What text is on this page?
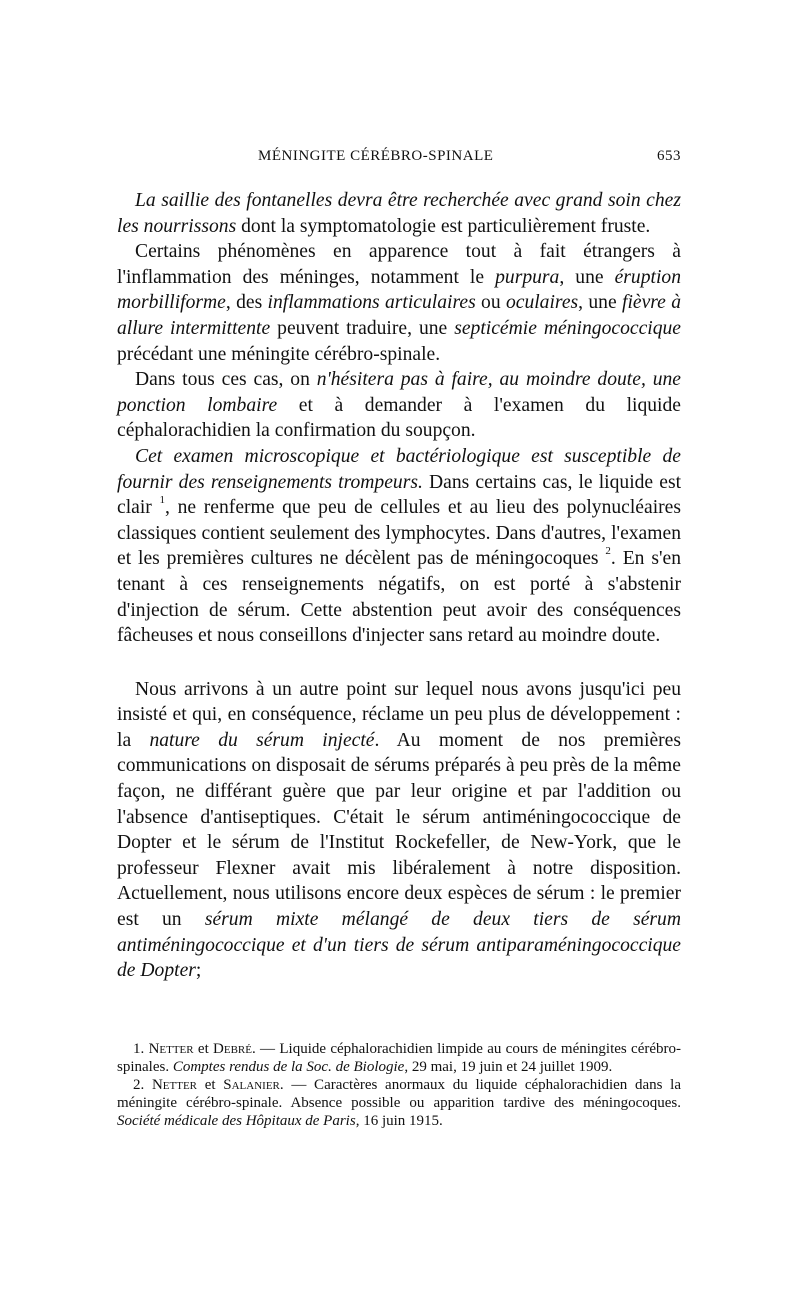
MÉNINGITE CÉRÉBRO-SPINALE	653

La saillie des fontanelles devra être recherchée avec grand soin chez les nourrissons dont la symptomatologie est particulièrement fruste.

Certains phénomènes en apparence tout à fait étrangers à l'inflammation des méninges, notamment le purpura, une éruption morbilliforme, des inflammations articulaires ou oculaires, une fièvre à allure intermittente peuvent traduire, une septicémie méningococcique précédant une méningite cérébro-spinale.

Dans tous ces cas, on n'hésitera pas à faire, au moindre doute, une ponction lombaire et à demander à l'examen du liquide céphalorachidien la confirmation du soupçon.

Cet examen microscopique et bactériologique est susceptible de fournir des renseignements trompeurs. Dans certains cas, le liquide est clair $^1$, ne renferme que peu de cellules et au lieu des polynucléaires classiques contient seulement des lymphocytes. Dans d'autres, l'examen et les premières cultures ne décèlent pas de méningocoques $^2$. En s'en tenant à ces renseignements négatifs, on est porté à s'abstenir d'injection de sérum. Cette abstention peut avoir des conséquences fâcheuses et nous conseillons d'injecter sans retard au moindre doute.

Nous arrivons à un autre point sur lequel nous avons jusqu'ici peu insisté et qui, en conséquence, réclame un peu plus de développement : la nature du sérum injecté. Au moment de nos premières communications on disposait de sérums préparés à peu près de la même façon, ne différant guère que par leur origine et par l'addition ou l'absence d'antiseptiques. C'était le sérum antiméningococcique de Dopter et le sérum de l'Institut Rockefeller, de New-York, que le professeur Flexner avait mis libéralement à notre disposition. Actuellement, nous utilisons encore deux espèces de sérum : le premier est un sérum mixte mélangé de deux tiers de sérum antiméningococcique et d'un tiers de sérum antiparaméningococcique de Dopter;

1. Netter et Debré. — Liquide céphalorachidien limpide au cours de méningites cérébro-spinales. Comptes rendus de la Soc. de Biologie, 29 mai, 19 juin et 24 juillet 1909.

2. Netter et Salanier. — Caractères anormaux du liquide céphalorachidien dans la méningite cérébro-spinale. Absence possible ou apparition tardive des méningocoques. Société médicale des Hôpitaux de Paris, 16 juin 1915.
